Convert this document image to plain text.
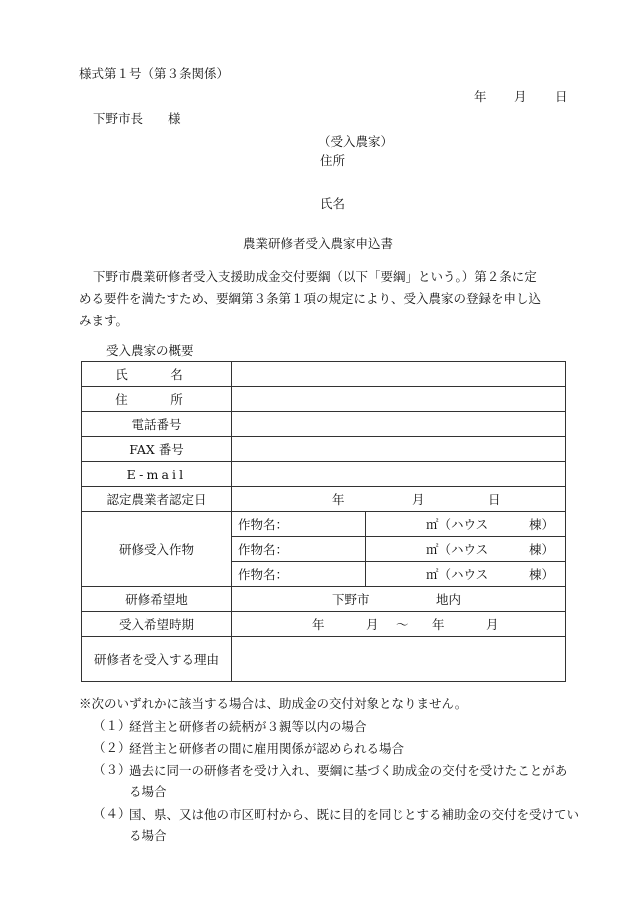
様式第１号（第３条関係）
年 月 日
下野市長　　様
（受入農家）
住所
氏名
農業研修者受入農家申込書
下野市農業研修者受入支援助成金交付要綱（以下「要綱」という。）第２条に定
める要件を満たすため、要綱第３条第１項の規定により、受入農家の登録を申し込
みます。
受入農家の概要
氏　名		
住　所		
電話番号		
FAX 番号		
E-mail		
認定農業者認定日	年 月 日	

研修受入作物	作物名：	㎡（ハウス 棟）

	作物名：	㎡（ハウス 棟）

	作物名：	㎡（ハウス 棟）

研修希望地	下野市 地内	

受入希望時期	年 月 ～ 年 月	

研修者を受入する理由		
※次のいずれかに該当する場合は、助成金の交付対象となりません。
（１）
経営主と研修者の続柄が３親等以内の場合
（２）
経営主と研修者の間に雇用関係が認められる場合
（３）
過去に同一の研修者を受け入れ、要綱に基づく助成金の交付を受けたことがある場合
（４）
国、県、又は他の市区町村から、既に目的を同じとする補助金の交付を受けている場合
